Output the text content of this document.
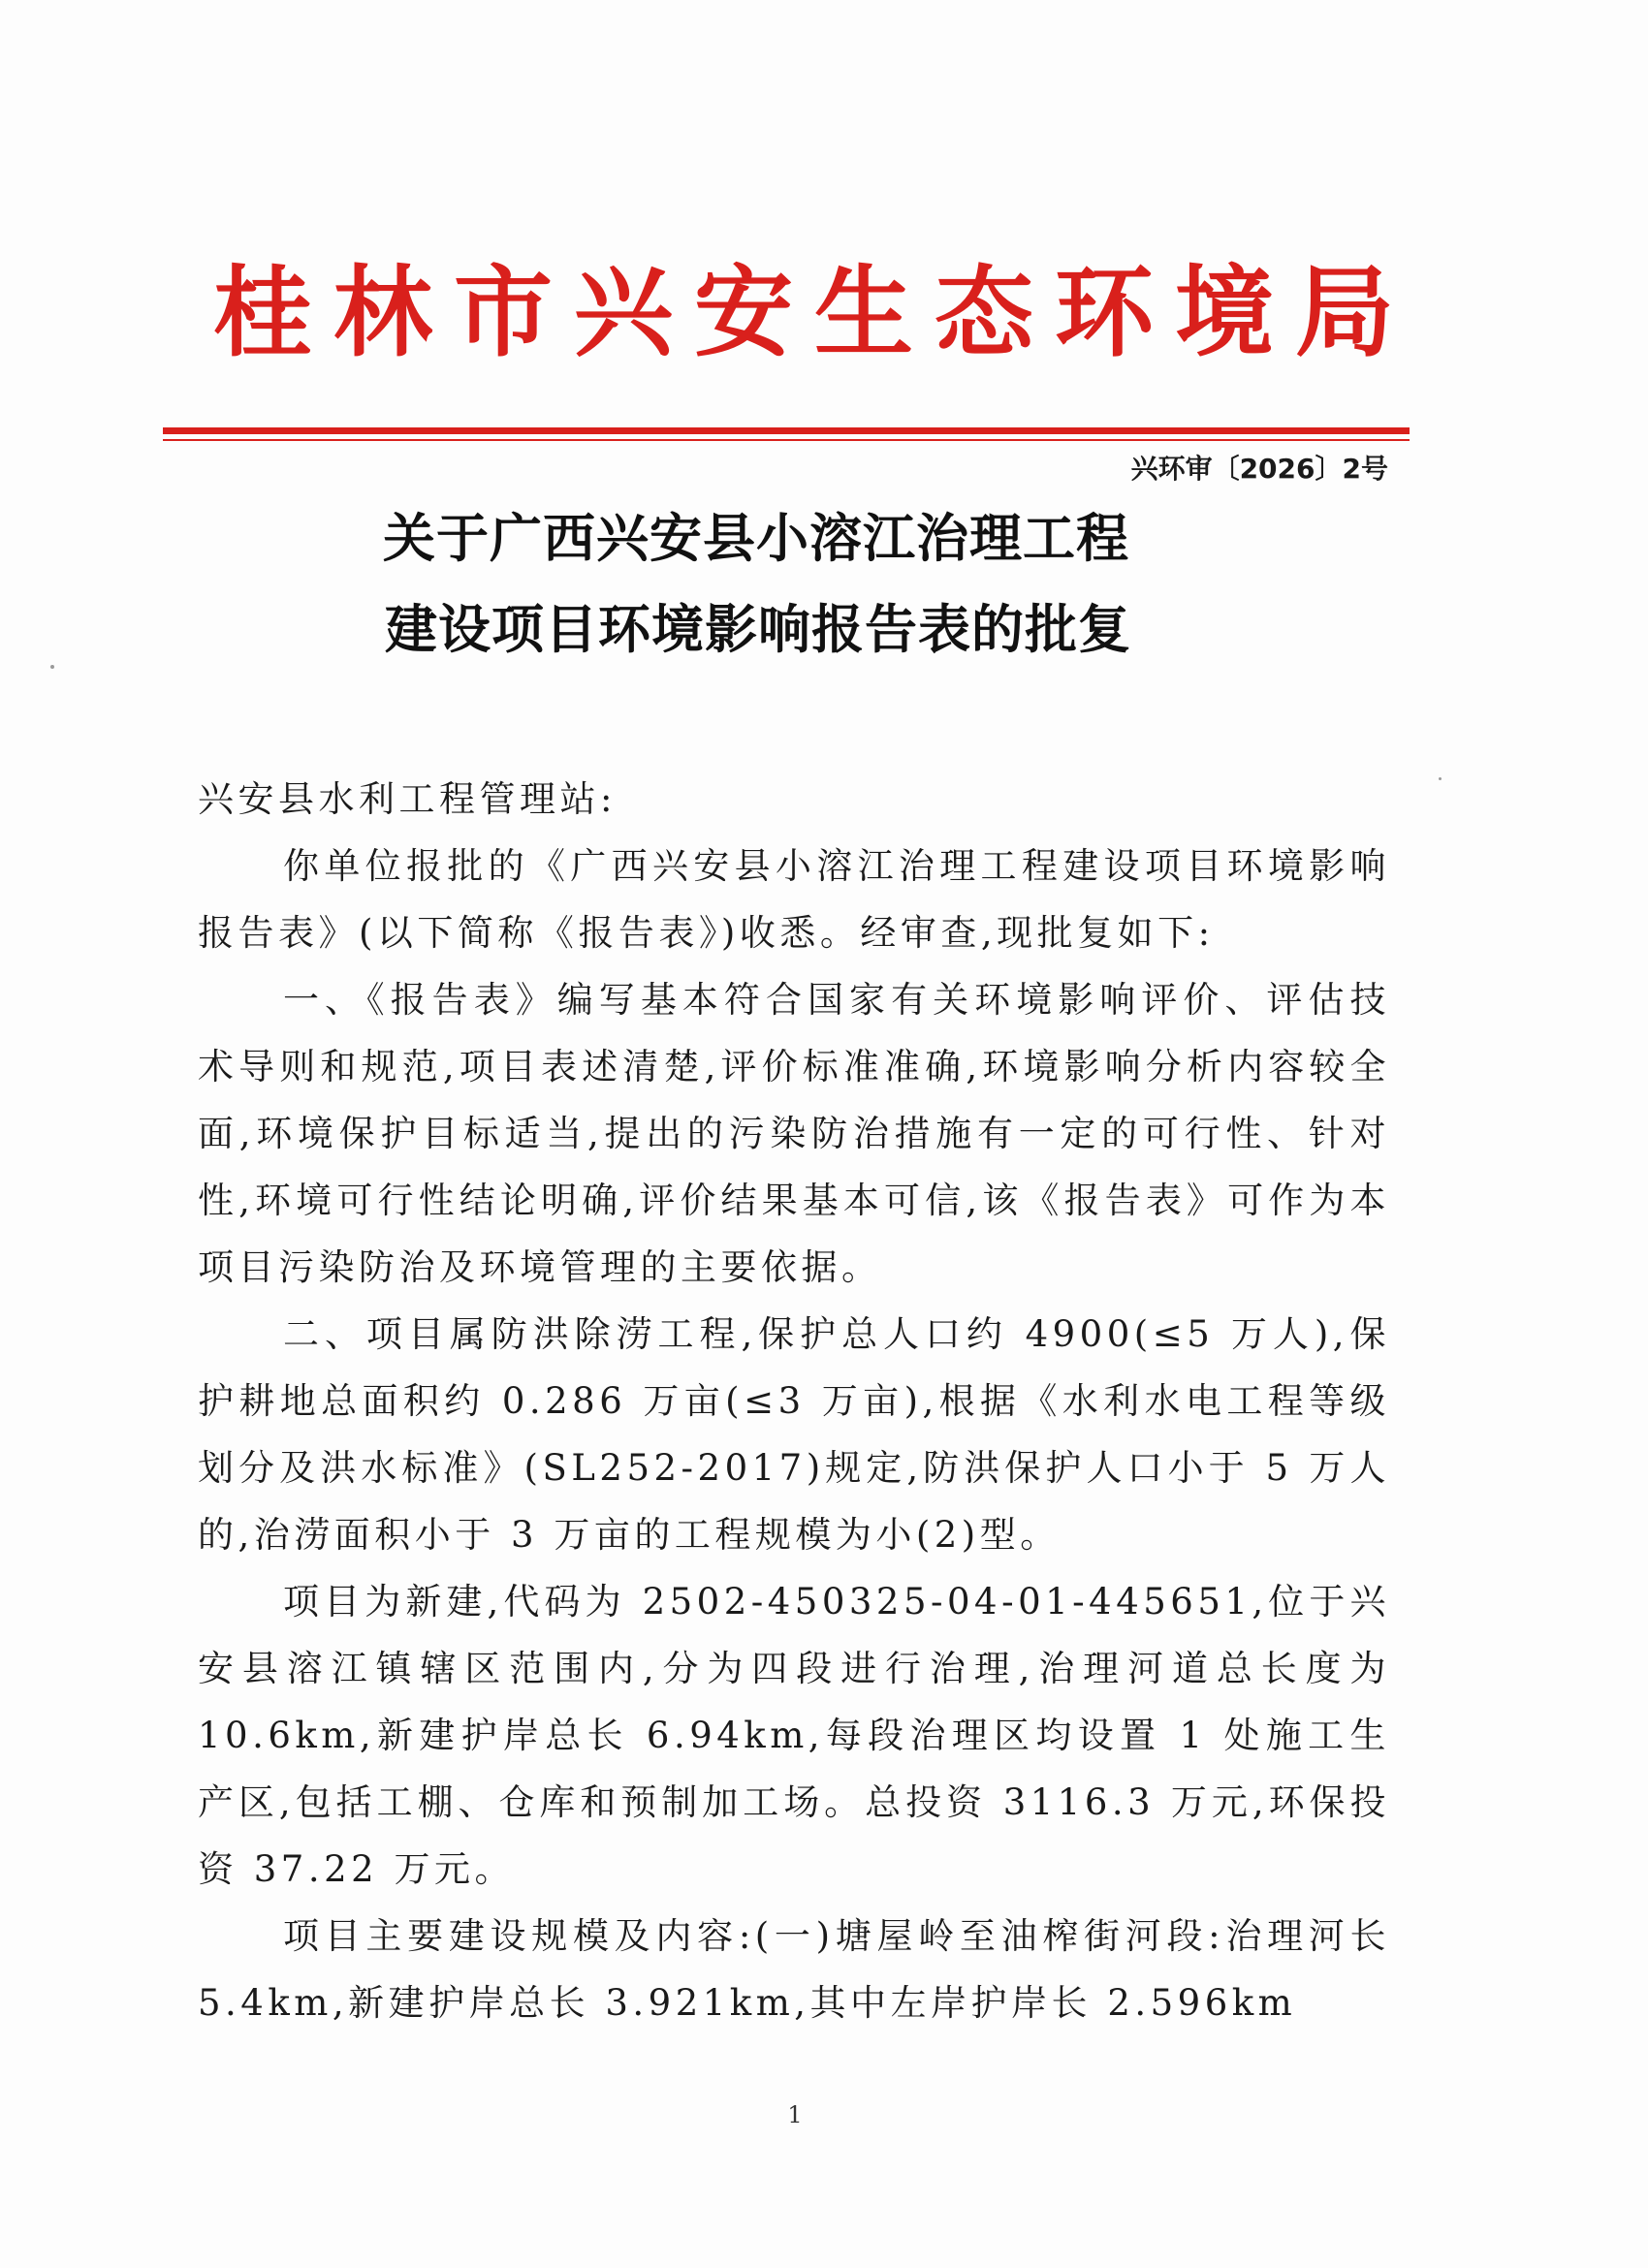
桂林市兴安生态环境局
兴环审〔2026〕2号
关于广西兴安县小溶江治理工程
建设项目环境影响报告表的批复

兴安县水利工程管理站:

你单位报批的《广西兴安县小溶江治理工程建设项目环境影响报告表》(以下简称《报告表》)收悉。经审查,现批复如下:

一、《报告表》编写基本符合国家有关环境影响评价、评估技术导则和规范,项目表述清楚,评价标准准确,环境影响分析内容较全面,环境保护目标适当,提出的污染防治措施有一定的可行性、针对性,环境可行性结论明确,评价结果基本可信,该《报告表》可作为本项目污染防治及环境管理的主要依据。

二、项目属防洪除涝工程,保护总人口约 4900(≤5 万人),保护耕地总面积约 0.286 万亩(≤3 万亩),根据《水利水电工程等级划分及洪水标准》(SL252-2017)规定,防洪保护人口小于 5 万人的,治涝面积小于 3 万亩的工程规模为小(2)型。

项目为新建,代码为 2502-450325-04-01-445651,位于兴安县溶江镇辖区范围内,分为四段进行治理,治理河道总长度为 10.6km,新建护岸总长 6.94km,每段治理区均设置 1 处施工生产区,包括工棚、仓库和预制加工场。总投资 3116.3 万元,环保投资 37.22 万元。

项目主要建设规模及内容:(一)塘屋岭至油榨街河段:治理河长 5.4km,新建护岸总长 3.921km,其中左岸护岸长 2.596km

1
